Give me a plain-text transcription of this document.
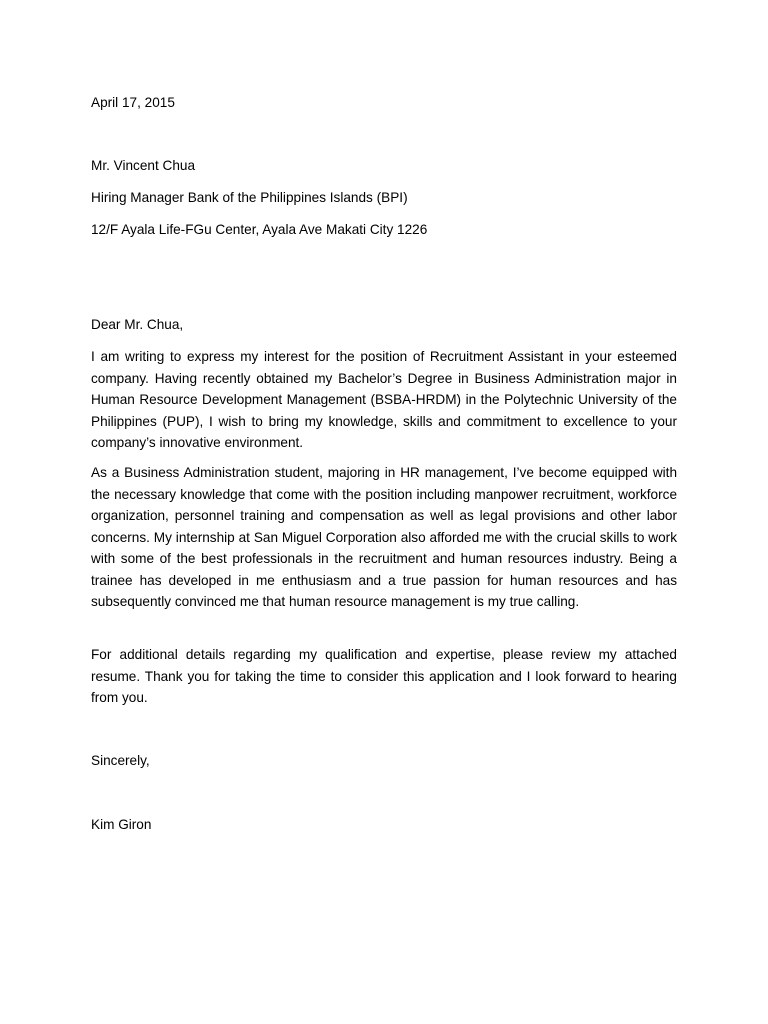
April 17, 2015
Mr. Vincent Chua
Hiring Manager Bank of the Philippines Islands (BPI)
12/F Ayala Life-FGu Center, Ayala Ave Makati City 1226
Dear Mr. Chua,
I am writing to express my interest for the position of Recruitment Assistant in your esteemed company. Having recently obtained my Bachelor’s Degree in Business Administration major in Human Resource Development Management (BSBA-HRDM) in the Polytechnic University of the Philippines (PUP), I wish to bring my knowledge, skills and commitment to excellence to your company’s innovative environment.
As a Business Administration student, majoring in HR management, I’ve become equipped with the necessary knowledge that come with the position including manpower recruitment, workforce organization, personnel training and compensation as well as legal provisions and other labor concerns. My internship at San Miguel Corporation also afforded me with the crucial skills to work with some of the best professionals in the recruitment and human resources industry. Being a trainee has developed in me enthusiasm and a true passion for human resources and has subsequently convinced me that human resource management is my true calling.
For additional details regarding my qualification and expertise, please review my attached resume. Thank you for taking the time to consider this application and I look forward to hearing from you.
Sincerely,
Kim Giron
